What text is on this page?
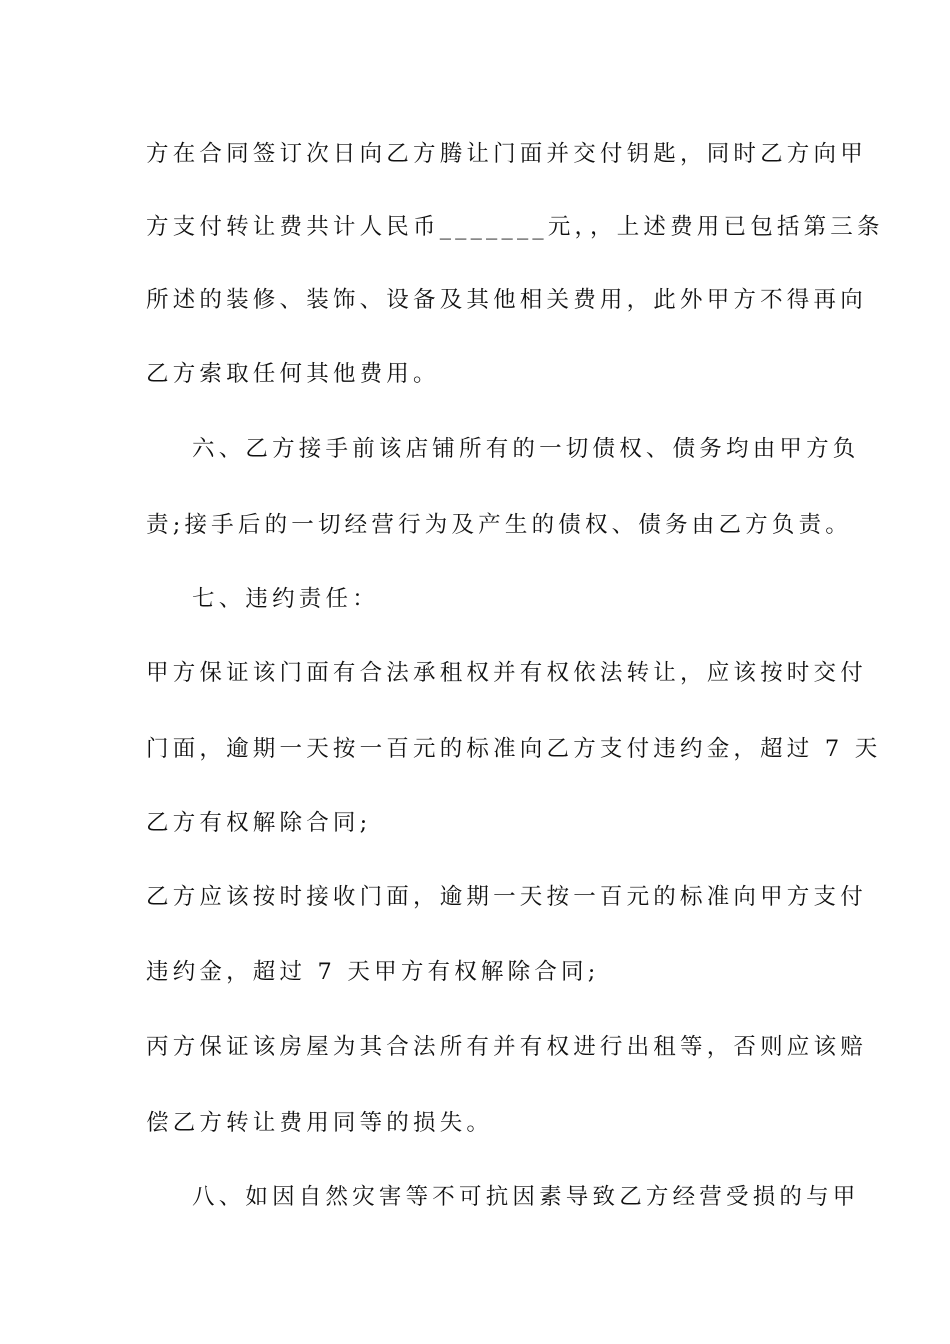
方在合同签订次日向乙方腾让门面并交付钥匙，同时乙方向甲
方支付转让费共计人民币_______元，，上述费用已包括第三条
所述的装修、装饰、设备及其他相关费用，此外甲方不得再向
乙方索取任何其他费用。
六、乙方接手前该店铺所有的一切债权、债务均由甲方负
责;接手后的一切经营行为及产生的债权、债务由乙方负责。
七、违约责任：
甲方保证该门面有合法承租权并有权依法转让，应该按时交付
门面，逾期一天按一百元的标准向乙方支付违约金，超过 7 天
乙方有权解除合同;
乙方应该按时接收门面，逾期一天按一百元的标准向甲方支付
违约金，超过 7 天甲方有权解除合同;
丙方保证该房屋为其合法所有并有权进行出租等，否则应该赔
偿乙方转让费用同等的损失。
八、如因自然灾害等不可抗因素导致乙方经营受损的与甲
